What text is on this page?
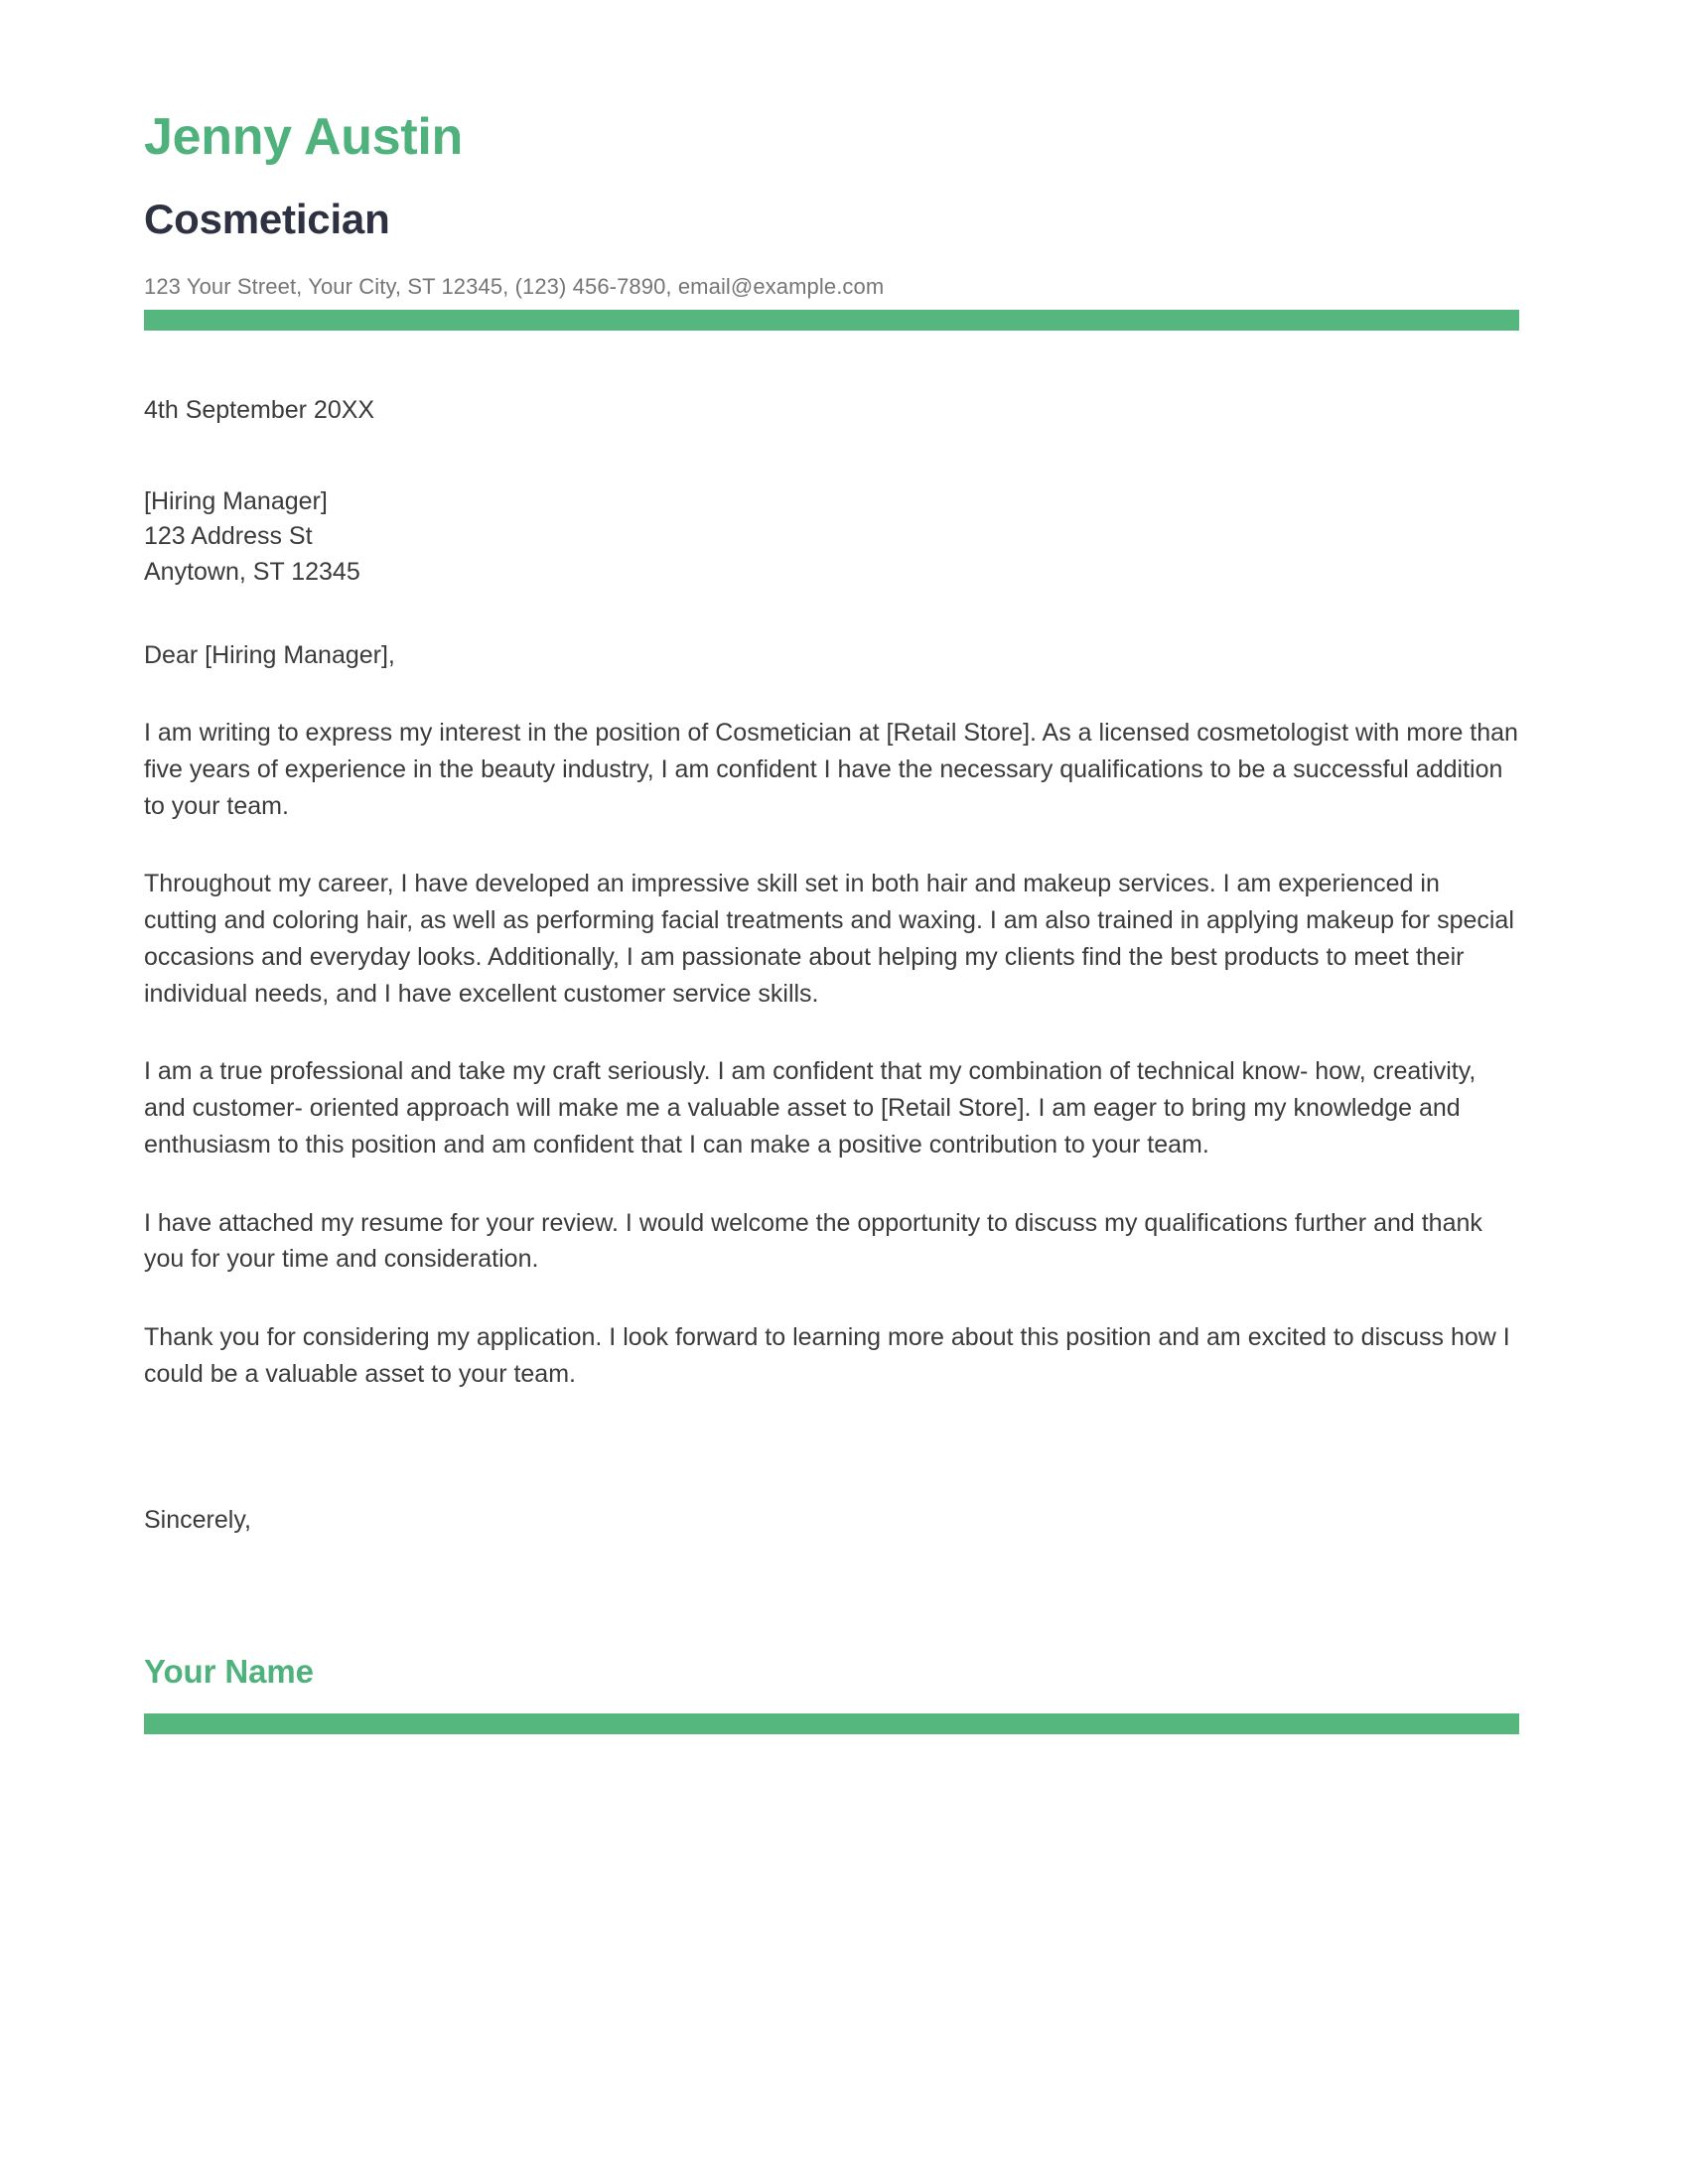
Jenny Austin
Cosmetician

123 Your Street, Your City, ST 12345, (123) 456-7890, email@example.com

4th September 20XX

[Hiring Manager]

123 Address St

Anytown, ST 12345

Dear [Hiring Manager],

I am writing to express my interest in the position of Cosmetician at [Retail Store]. As a licensed cosmetologist with more than five years of experience in the beauty industry, I am confident I have the necessary qualifications to be a successful addition to your team.

Throughout my career, I have developed an impressive skill set in both hair and makeup services. I am experienced in cutting and coloring hair, as well as performing facial treatments and waxing. I am also trained in applying makeup for special occasions and everyday looks. Additionally, I am passionate about helping my clients find the best products to meet their individual needs, and I have excellent customer service skills.

I am a true professional and take my craft seriously. I am confident that my combination of technical know- how, creativity, and customer- oriented approach will make me a valuable asset to [Retail Store]. I am eager to bring my knowledge and enthusiasm to this position and am confident that I can make a positive contribution to your team.

I have attached my resume for your review. I would welcome the opportunity to discuss my qualifications further and thank you for your time and consideration.

Thank you for considering my application. I look forward to learning more about this position and am excited to discuss how I could be a valuable asset to your team.

Sincerely,

Your Name
